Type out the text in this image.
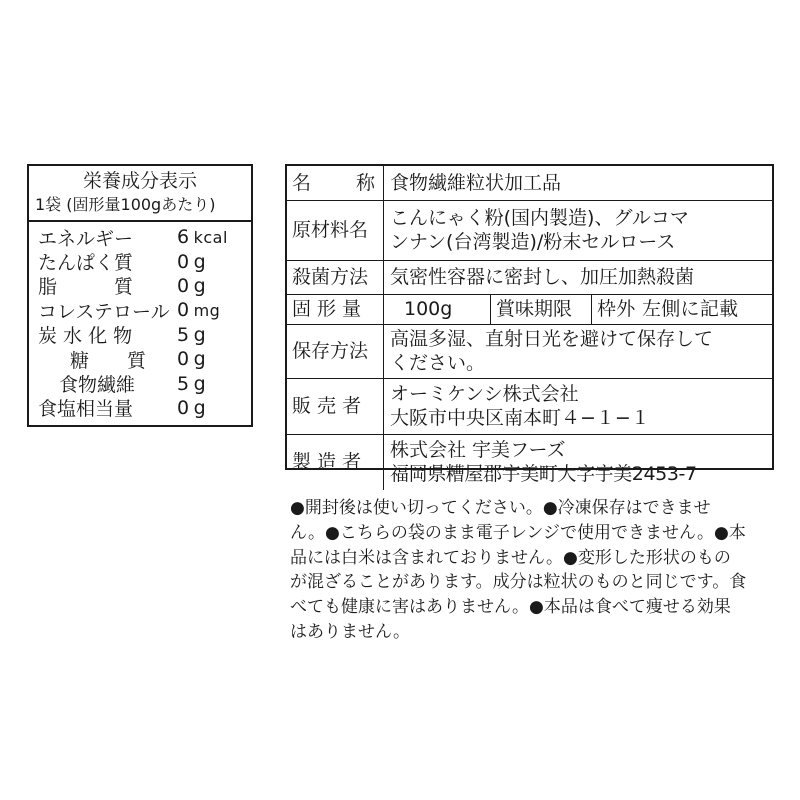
栄養成分表示
1袋 (固形量100gあたり)
エネルギー	6 kcal
たんぱく質	0 g
脂　　　質	0 g
コレステロール 0 mg
炭 水 化 物	5 g
糖　　質	0 g
食物繊維	5 g
食塩相当量	0 g
名 称	食物繊維粒状加工品
原材料名	こんにゃく粉(国内製造)、グルコマ
ンナン(台湾製造)/粉末セルロース

殺菌方法	気密性容器に密封し、加圧加熱殺菌
固 形 量	100g 賞味期限 枠外 左側に記載

保存方法	高温多湿、直射日光を避けて保存して
ください。

販 売 者	オーミケンシ株式会社
大阪市中央区南本町４−１−１

製 造 者	株式会社 宇美フーズ
福岡県糟屋郡宇美町大字宇美2453-7
●開封後は使い切ってください。●冷凍保存はできませ
ん。●こちらの袋のまま電子レンジで使用できません。●本
品には白米は含まれておりません。●変形した形状のもの
が混ざることがあります。成分は粒状のものと同じです。食
べても健康に害はありません。●本品は食べて痩せる効果
はありません。
